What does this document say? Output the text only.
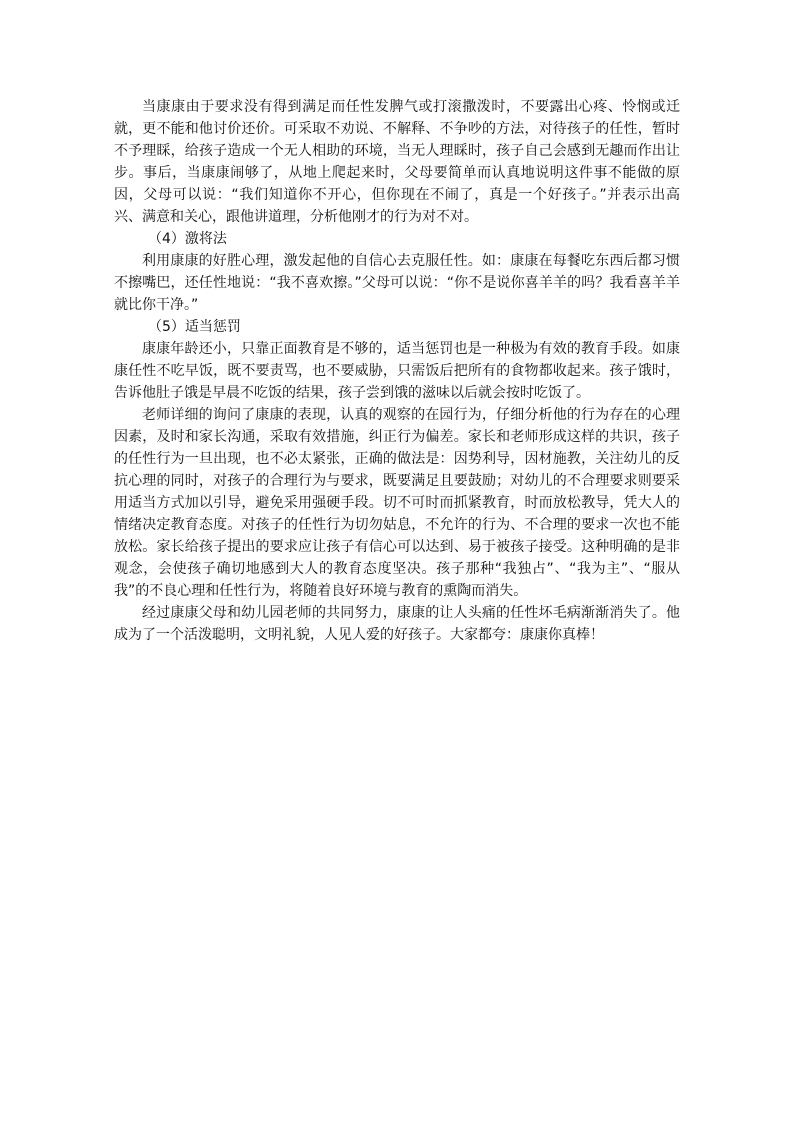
当康康由于要求没有得到满足而任性发脾气或打滚撒泼时，不要露出心疼、怜悯或迁就，更不能和他讨价还价。可采取不劝说、不解释、不争吵的方法，对待孩子的任性，暂时不予理睬，给孩子造成一个无人相助的环境，当无人理睬时，孩子自己会感到无趣而作出让步。事后，当康康闹够了，从地上爬起来时，父母要简单而认真地说明这件事不能做的原因，父母可以说：“我们知道你不开心，但你现在不闹了，真是一个好孩子。”并表示出高兴、满意和关心，跟他讲道理，分析他刚才的行为对不对。

（4）激将法

利用康康的好胜心理，激发起他的自信心去克服任性。如：康康在每餐吃东西后都习惯不擦嘴巴，还任性地说：“我不喜欢擦。”父母可以说：“你不是说你喜羊羊的吗？我看喜羊羊就比你干净。”

（5）适当惩罚

康康年龄还小，只靠正面教育是不够的，适当惩罚也是一种极为有效的教育手段。如康康任性不吃早饭，既不要责骂，也不要威胁，只需饭后把所有的食物都收起来。孩子饿时，告诉他肚子饿是早晨不吃饭的结果，孩子尝到饿的滋味以后就会按时吃饭了。

老师详细的询问了康康的表现，认真的观察的在园行为，仔细分析他的行为存在的心理因素，及时和家长沟通，采取有效措施，纠正行为偏差。家长和老师形成这样的共识，孩子的任性行为一旦出现，也不必太紧张，正确的做法是：因势利导，因材施教，关注幼儿的反抗心理的同时，对孩子的合理行为与要求，既要满足且要鼓励；对幼儿的不合理要求则要采用适当方式加以引导，避免采用强硬手段。切不可时而抓紧教育，时而放松教导，凭大人的情绪决定教育态度。对孩子的任性行为切勿姑息，不允许的行为、不合理的要求一次也不能放松。家长给孩子提出的要求应让孩子有信心可以达到、易于被孩子接受。这种明确的是非观念，会使孩子确切地感到大人的教育态度坚决。孩子那种“我独占”、“我为主”、“服从我”的不良心理和任性行为，将随着良好环境与教育的熏陶而消失。

经过康康父母和幼儿园老师的共同努力，康康的让人头痛的任性坏毛病渐渐消失了。他成为了一个活泼聪明，文明礼貌，人见人爱的好孩子。大家都夸：康康你真棒！
